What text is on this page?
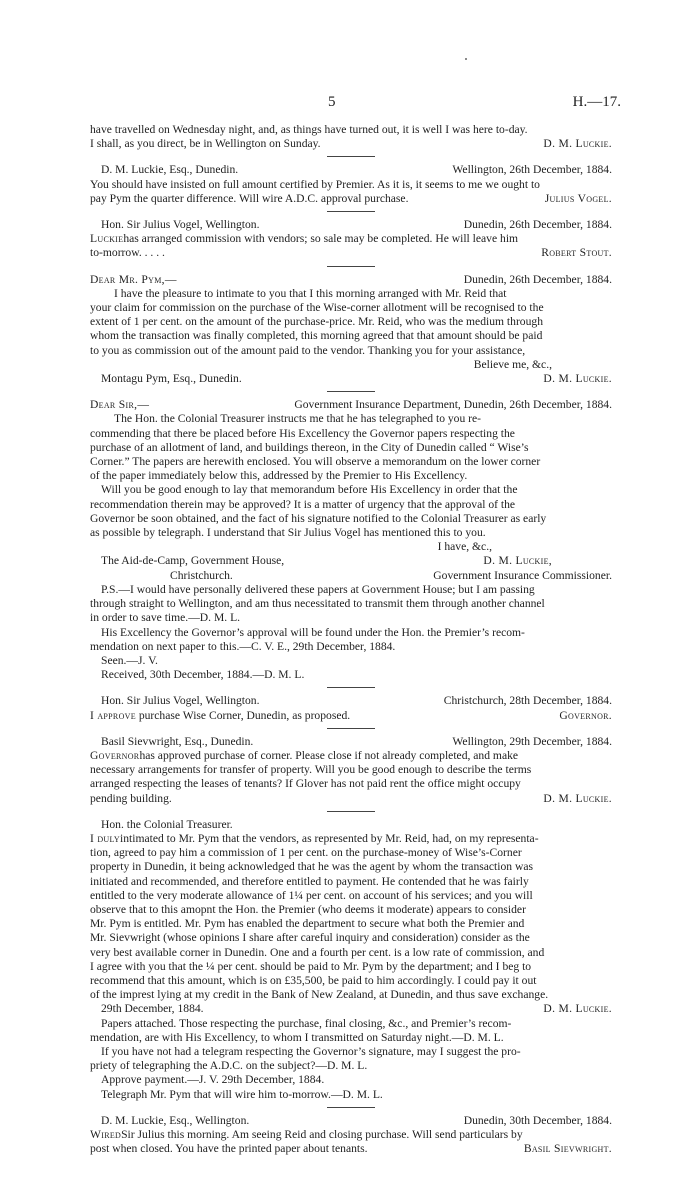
5	H.—17.
have travelled on Wednesday night, and, as things have turned out, it is well I was here to-day.
I shall, as you direct, be in Wellington on Sunday.	D. M. Luckie.
D. M. Luckie, Esq., Dunedin.	Wellington, 26th December, 1884.
You should have insisted on full amount certified by Premier. As it is, it seems to me we ought to
pay Pym the quarter difference. Will wire A.D.C. approval purchase.	Julius Vogel.
Hon. Sir Julius Vogel, Wellington.	Dunedin, 26th December, 1884.
Luckie has arranged commission with vendors; so sale may be completed. He will leave him
to-morrow. . . . .	Robert Stout.
Dear Mr. Pym,—	Dunedin, 26th December, 1884.
I have the pleasure to intimate to you that I this morning arranged with Mr. Reid that
your claim for commission on the purchase of the Wise-corner allotment will be recognised to the
extent of 1 per cent. on the amount of the purchase-price. Mr. Reid, who was the medium through
whom the transaction was finally completed, this morning agreed that that amount should be paid
to you as commission out of the amount paid to the vendor. Thanking you for your assistance,
Believe me, &c.,
Montagu Pym, Esq., Dunedin.	D. M. Luckie.
Dear Sir,—	Government Insurance Department, Dunedin, 26th December, 1884.
The Hon. the Colonial Treasurer instructs me that he has telegraphed to you re-
commending that there be placed before His Excellency the Governor papers respecting the
purchase of an allotment of land, and buildings thereon, in the City of Dunedin called “ Wise’s
Corner.” The papers are herewith enclosed. You will observe a memorandum on the lower corner
of the paper immediately below this, addressed by the Premier to His Excellency.
Will you be good enough to lay that memorandum before His Excellency in order that the
recommendation therein may be approved? It is a matter of urgency that the approval of the
Governor be soon obtained, and the fact of his signature notified to the Colonial Treasurer as early
as possible by telegraph. I understand that Sir Julius Vogel has mentioned this to you.
I have, &c.,
The Aid-de-Camp, Government House,	D. M. Luckie,
Christchurch.	Government Insurance Commissioner.
P.S.—I would have personally delivered these papers at Government House; but I am passing
through straight to Wellington, and am thus necessitated to transmit them through another channel
in order to save time.—D. M. L.
His Excellency the Governor’s approval will be found under the Hon. the Premier’s recom-
mendation on next paper to this.—C. V. E., 29th December, 1884.
Seen.—J. V.
Received, 30th December, 1884.—D. M. L.
Hon. Sir Julius Vogel, Wellington.	Christchurch, 28th December, 1884.
I approve purchase Wise Corner, Dunedin, as proposed.	Governor.
Basil Sievwright, Esq., Dunedin.	Wellington, 29th December, 1884.
Governor has approved purchase of corner. Please close if not already completed, and make
necessary arrangements for transfer of property. Will you be good enough to describe the terms
arranged respecting the leases of tenants? If Glover has not paid rent the office might occupy
pending building.	D. M. Luckie.
Hon. the Colonial Treasurer.
I duly intimated to Mr. Pym that the vendors, as represented by Mr. Reid, had, on my representa-
tion, agreed to pay him a commission of 1 per cent. on the purchase-money of Wise’s-Corner
property in Dunedin, it being acknowledged that he was the agent by whom the transaction was
initiated and recommended, and therefore entitled to payment. He contended that he was fairly
entitled to the very moderate allowance of 1¼ per cent. on account of his services; and you will
observe that to this amopnt the Hon. the Premier (who deems it moderate) appears to consider
Mr. Pym is entitled. Mr. Pym has enabled the department to secure what both the Premier and
Mr. Sievwright (whose opinions I share after careful inquiry and consideration) consider as the
very best available corner in Dunedin. One and a fourth per cent. is a low rate of commission, and
I agree with you that the ¼ per cent. should be paid to Mr. Pym by the department; and I beg to
recommend that this amount, which is on £35,500, be paid to him accordingly. I could pay it out
of the imprest lying at my credit in the Bank of New Zealand, at Dunedin, and thus save exchange.
29th December, 1884.	D. M. Luckie.
Papers attached. Those respecting the purchase, final closing, &c., and Premier’s recom-
mendation, are with His Excellency, to whom I transmitted on Saturday night.—D. M. L.
If you have not had a telegram respecting the Governor’s signature, may I suggest the pro-
priety of telegraphing the A.D.C. on the subject?—D. M. L.
Approve payment.—J. V. 29th December, 1884.
Telegraph Mr. Pym that will wire him to-morrow.—D. M. L.
D. M. Luckie, Esq., Wellington.	Dunedin, 30th December, 1884.
Wired Sir Julius this morning. Am seeing Reid and closing purchase. Will send particulars by
post when closed. You have the printed paper about tenants.	Basil Sievwright.
